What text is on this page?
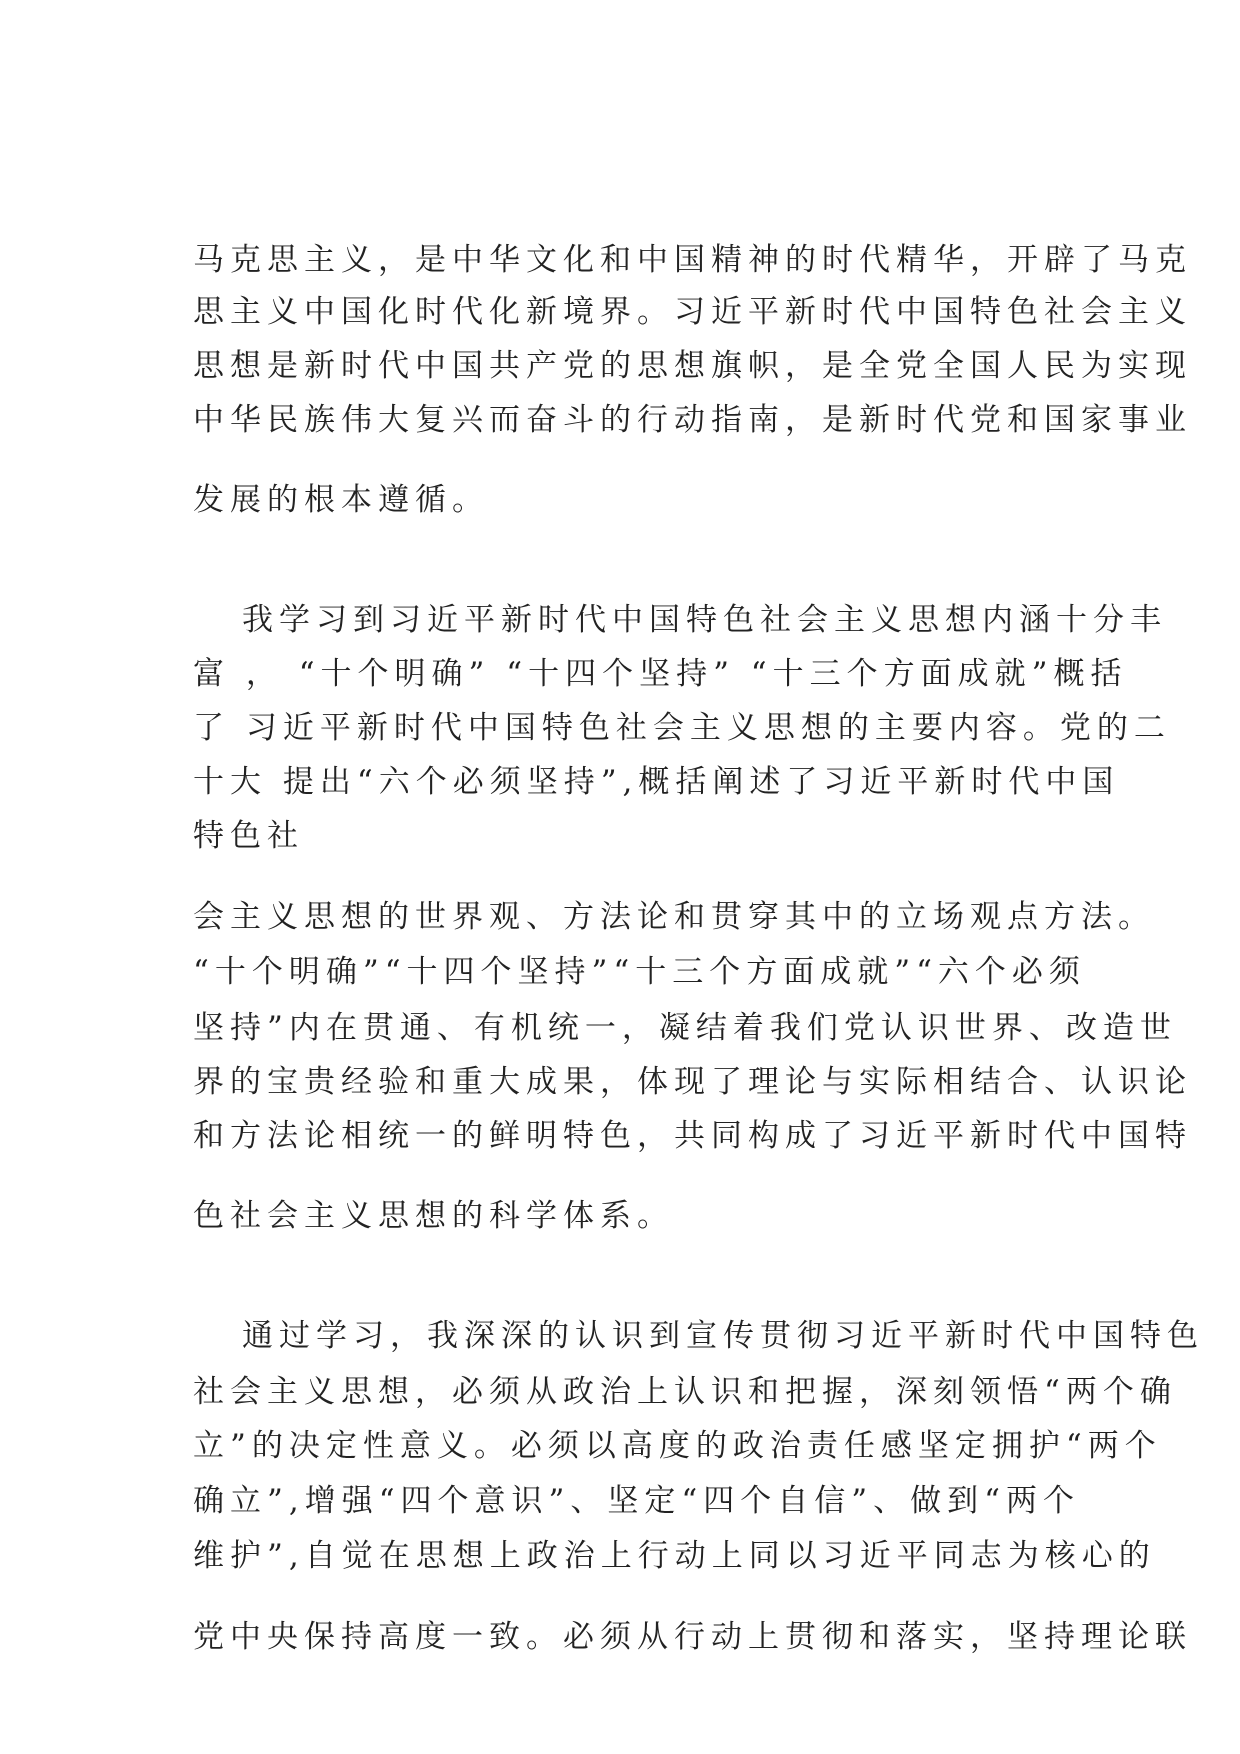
马克思主义，是中华文化和中国精神的时代精华，开辟了马克
思主义中国化时代化新境界。习近平新时代中国特色社会主义
思想是新时代中国共产党的思想旗帜，是全党全国人民为实现
中华民族伟大复兴而奋斗的行动指南，是新时代党和国家事业
发展的根本遵循。
我学习到习近平新时代中国特色社会主义思想内涵十分丰
富 ， “十个明确” “十四个坚持” “十三个方面成就”概括
了 习近平新时代中国特色社会主义思想的主要内容。党的二
十大 提出“六个必须坚持”,概括阐述了习近平新时代中国
特色社
会主义思想的世界观、方法论和贯穿其中的立场观点方法。
“十个明确”“十四个坚持”“十三个方面成就”“六个必须
坚持”内在贯通、有机统一，凝结着我们党认识世界、改造世
界的宝贵经验和重大成果，体现了理论与实际相结合、认识论
和方法论相统一的鲜明特色，共同构成了习近平新时代中国特
色社会主义思想的科学体系。
通过学习，我深深的认识到宣传贯彻习近平新时代中国特色
社会主义思想，必须从政治上认识和把握，深刻领悟“两个确
立”的决定性意义。必须以高度的政治责任感坚定拥护“两个
确立”,增强“四个意识”、坚定“四个自信”、做到“两个
维护”,自觉在思想上政治上行动上同以习近平同志为核心的
党中央保持高度一致。必须从行动上贯彻和落实，坚持理论联
